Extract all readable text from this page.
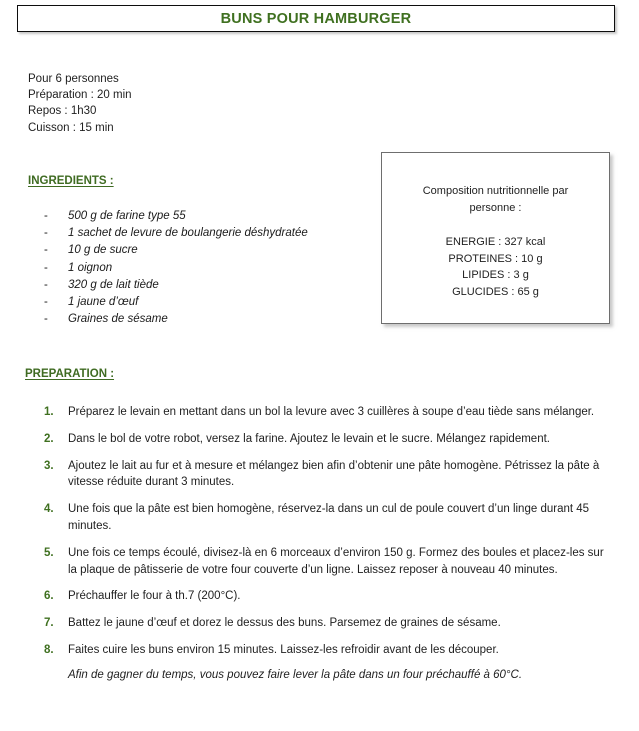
BUNS POUR HAMBURGER
Pour 6 personnes
Préparation : 20 min
Repos : 1h30
Cuisson : 15 min
INGREDIENTS :
- 500 g de farine type 55
- 1 sachet de levure de boulangerie déshydratée
- 10 g de sucre
- 1 oignon
- 320 g de lait tiède
- 1 jaune d’œuf
- Graines de sésame
Composition nutritionnelle par personne :
ENERGIE : 327 kcal
PROTEINES : 10 g
LIPIDES : 3 g
GLUCIDES : 65 g
PREPARATION :
1. Préparez le levain en mettant dans un bol la levure avec 3 cuillères à soupe d’eau tiède sans mélanger.
2. Dans le bol de votre robot, versez la farine. Ajoutez le levain et le sucre. Mélangez rapidement.
3. Ajoutez le lait au fur et à mesure et mélangez bien afin d’obtenir une pâte homogène. Pétrissez la pâte à vitesse réduite durant 3 minutes.
4. Une fois que la pâte est bien homogène, réservez-la dans un cul de poule couvert d’un linge durant 45 minutes.
5. Une fois ce temps écoulé, divisez-là en 6 morceaux d’environ 150 g. Formez des boules et placez-les sur la plaque de pâtisserie de votre four couverte d’un ligne. Laissez reposer à nouveau 40 minutes.
6. Préchauffer le four à th.7 (200°C).
7. Battez le jaune d’œuf et dorez le dessus des buns. Parsemez de graines de sésame.
8. Faites cuire les buns environ 15 minutes. Laissez-les refroidir avant de les découper.
Afin de gagner du temps, vous pouvez faire lever la pâte dans un four préchauffé à 60°C.
